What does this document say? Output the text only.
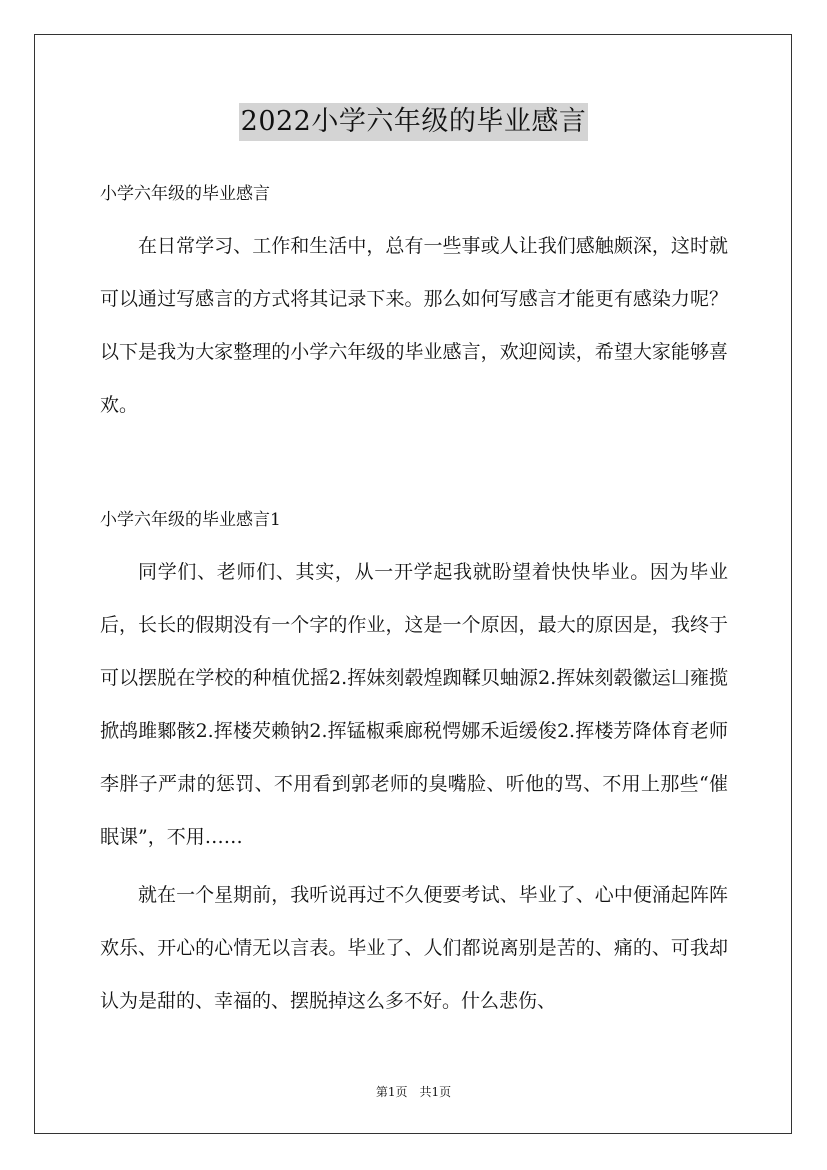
2022小学六年级的毕业感言
小学六年级的毕业感言

在日常学习、工作和生活中，总有一些事或人让我们感触颇深，这时就可以通过写感言的方式将其记录下来。那么如何写感言才能更有感染力呢？以下是我为大家整理的小学六年级的毕业感言，欢迎阅读，希望大家能够喜欢。

小学六年级的毕业感言1

同学们、老师们、其实，从一开学起我就盼望着快快毕业。因为毕业后，长长的假期没有一个字的作业，这是一个原因，最大的原因是，我终于可以摆脱在学校的种植优摇2.挥妹刻毂煌踟鞣贝蚰源2.挥妹刻毂徽运凵雍揽掀鸪雎鄹骸2.挥楼芡赖钠2.挥锰椒乘廊税愕娜禾逅缓俊2.挥楼芳降体育老师李胖子严肃的惩罚、不用看到郭老师的臭嘴脸、听他的骂、不用上那些“催眠课”，不用……

就在一个星期前，我听说再过不久便要考试、毕业了、心中便涌起阵阵欢乐、开心的心情无以言表。毕业了、人们都说离别是苦的、痛的、可我却认为是甜的、幸福的、摆脱掉这么多不好。什么悲伤、

第1页 共1页
